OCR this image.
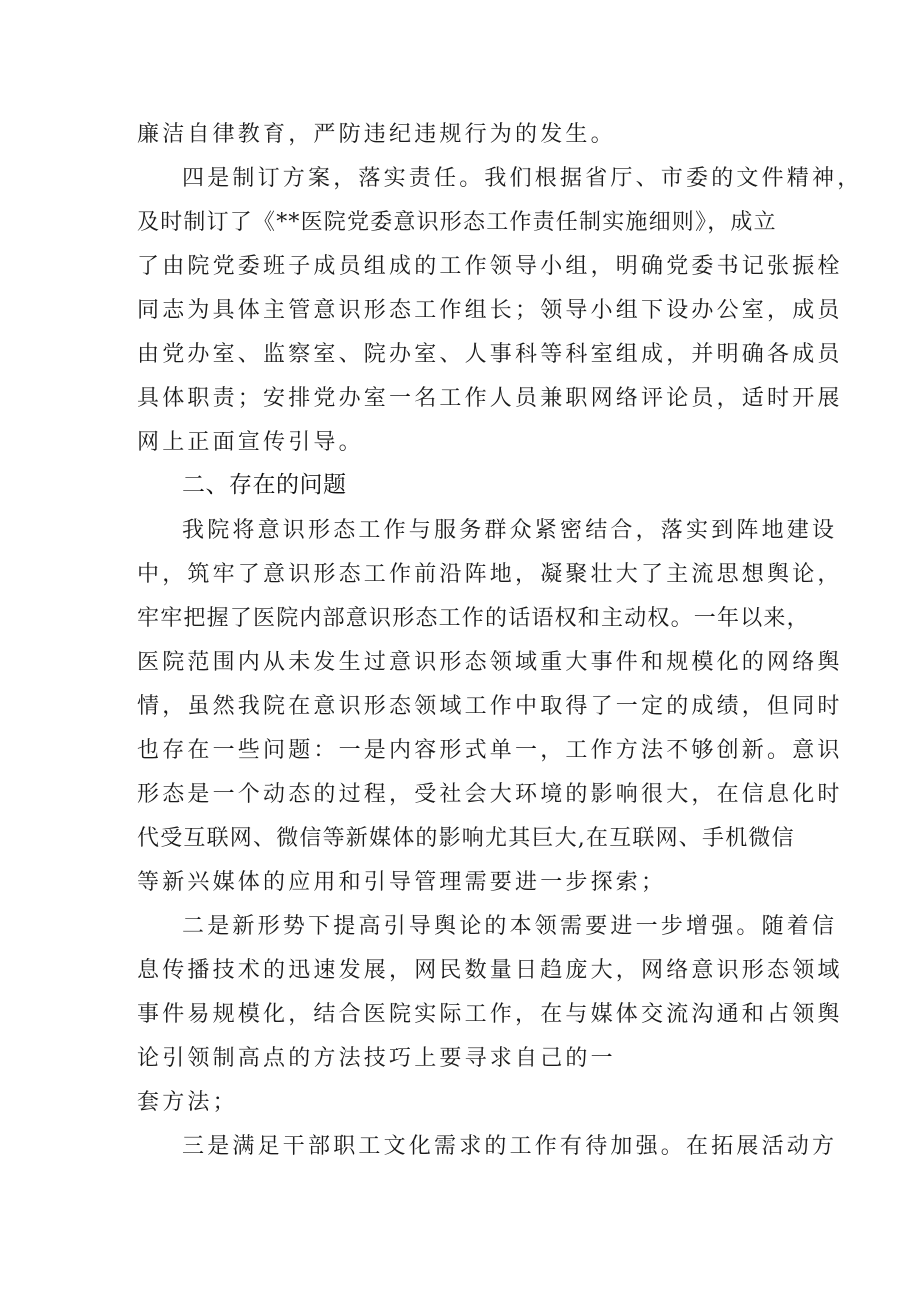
廉洁自律教育，严防违纪违规行为的发生。
四是制订方案，落实责任。我们根据省厅、市委的文件精神，
及时制订了《**医院党委意识形态工作责任制实施细则》，成立
了由院党委班子成员组成的工作领导小组，明确党委书记张振栓
同志为具体主管意识形态工作组长；领导小组下设办公室，成员
由党办室、监察室、院办室、人事科等科室组成，并明确各成员
具体职责；安排党办室一名工作人员兼职网络评论员，适时开展
网上正面宣传引导。
二、存在的问题
我院将意识形态工作与服务群众紧密结合，落实到阵地建设
中，筑牢了意识形态工作前沿阵地，凝聚壮大了主流思想舆论，
牢牢把握了医院内部意识形态工作的话语权和主动权。一年以来，
医院范围内从未发生过意识形态领域重大事件和规模化的网络舆
情，虽然我院在意识形态领域工作中取得了一定的成绩，但同时
也存在一些问题：一是内容形式单一，工作方法不够创新。意识
形态是一个动态的过程，受社会大环境的影响很大，在信息化时
代受互联网、微信等新媒体的影响尤其巨大,在互联网、手机微信
等新兴媒体的应用和引导管理需要进一步探索；
二是新形势下提高引导舆论的本领需要进一步增强。随着信
息传播技术的迅速发展，网民数量日趋庞大，网络意识形态领域
事件易规模化，结合医院实际工作，在与媒体交流沟通和占领舆
论引领制高点的方法技巧上要寻求自己的一
套方法；
三是满足干部职工文化需求的工作有待加强。在拓展活动方
